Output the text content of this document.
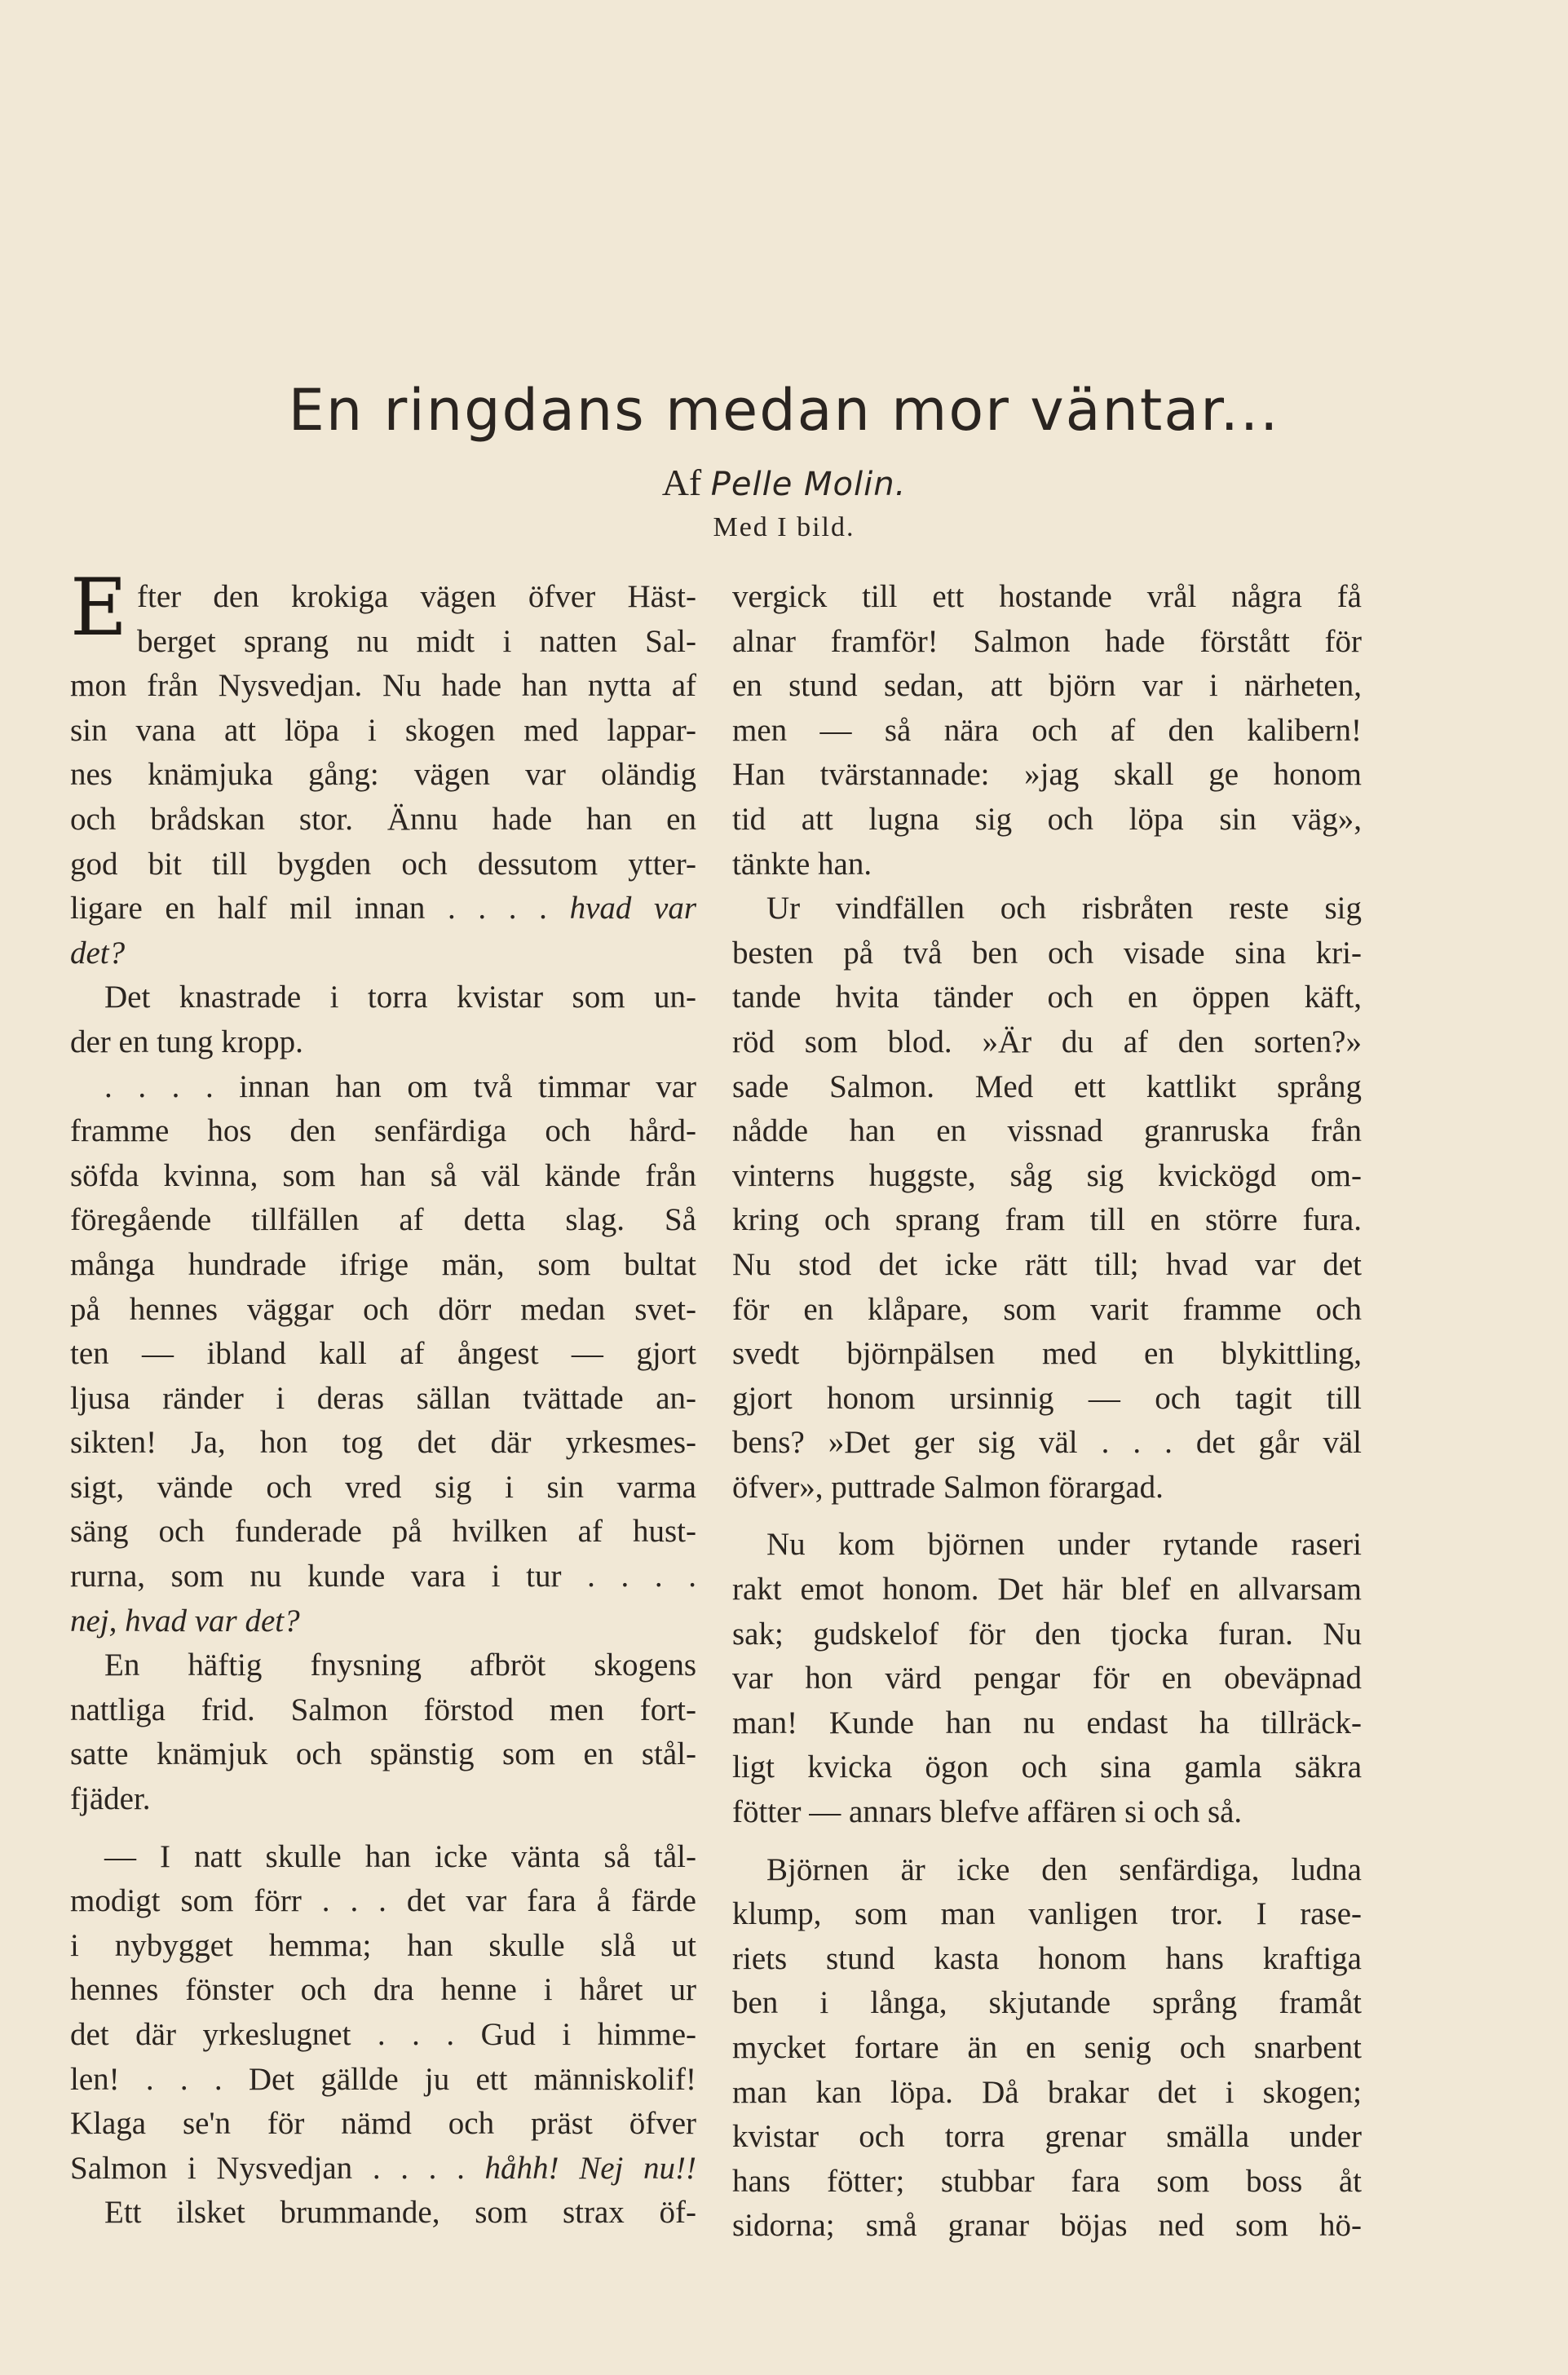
En ringdans medan mor väntar...
Af Pelle Molin.
Med I bild.
E fter den krokiga vägen öfver Häst-
berget sprang nu midt i natten Sal-
mon från Nysvedjan. Nu hade han nytta af
sin vana att löpa i skogen med lappar-
nes knämjuka gång: vägen var oländig
och brådskan stor. Ännu hade han en
god bit till bygden och dessutom ytter-
ligare en half mil innan . . . . hvad var
det?
Det knastrade i torra kvistar som un-
der en tung kropp.
. . . . innan han om två timmar var
framme hos den senfärdiga och hård-
söfda kvinna, som han så väl kände från
föregående tillfällen af detta slag. Så
många hundrade ifrige män, som bultat
på hennes väggar och dörr medan svet-
ten — ibland kall af ångest — gjort
ljusa ränder i deras sällan tvättade an-
sikten! Ja, hon tog det där yrkesmes-
sigt, vände och vred sig i sin varma
säng och funderade på hvilken af hust-
rurna, som nu kunde vara i tur . . . .
nej, hvad var det?
En häftig fnysning afbröt skogens
nattliga frid. Salmon förstod men fort-
satte knämjuk och spänstig som en stål-
fjäder.
— I natt skulle han icke vänta så tål-
modigt som förr . . . det var fara å färde
i nybygget hemma; han skulle slå ut
hennes fönster och dra henne i håret ur
det där yrkeslugnet . . . Gud i himme-
len! . . . Det gällde ju ett människolif!
Klaga se'n för nämd och präst öfver
Salmon i Nysvedjan . . . . håhh! Nej nu!!
Ett ilsket brummande, som strax öf-
vergick till ett hostande vrål några få
alnar framför! Salmon hade förstått för
en stund sedan, att björn var i närheten,
men — så nära och af den kalibern!
Han tvärstannade: »jag skall ge honom
tid att lugna sig och löpa sin väg»,
tänkte han.
Ur vindfällen och risbråten reste sig
besten på två ben och visade sina kri-
tande hvita tänder och en öppen käft,
röd som blod. »Är du af den sorten?»
sade Salmon. Med ett kattlikt språng
nådde han en vissnad granruska från
vinterns huggste, såg sig kvickögd om-
kring och sprang fram till en större fura.
Nu stod det icke rätt till; hvad var det
för en klåpare, som varit framme och
svedt björnpälsen med en blykittling,
gjort honom ursinnig — och tagit till
bens? »Det ger sig väl . . . det går väl
öfver», puttrade Salmon förargad.
Nu kom björnen under rytande raseri
rakt emot honom. Det här blef en allvarsam
sak; gudskelof för den tjocka furan. Nu
var hon värd pengar för en obeväpnad
man! Kunde han nu endast ha tillräck-
ligt kvicka ögon och sina gamla säkra
fötter — annars blefve affären si och så.
Björnen är icke den senfärdiga, ludna
klump, som man vanligen tror. I rase-
riets stund kasta honom hans kraftiga
ben i långa, skjutande språng framåt
mycket fortare än en senig och snarbent
man kan löpa. Då brakar det i skogen;
kvistar och torra grenar smälla under
hans fötter; stubbar fara som boss åt
sidorna; små granar böjas ned som hö-
